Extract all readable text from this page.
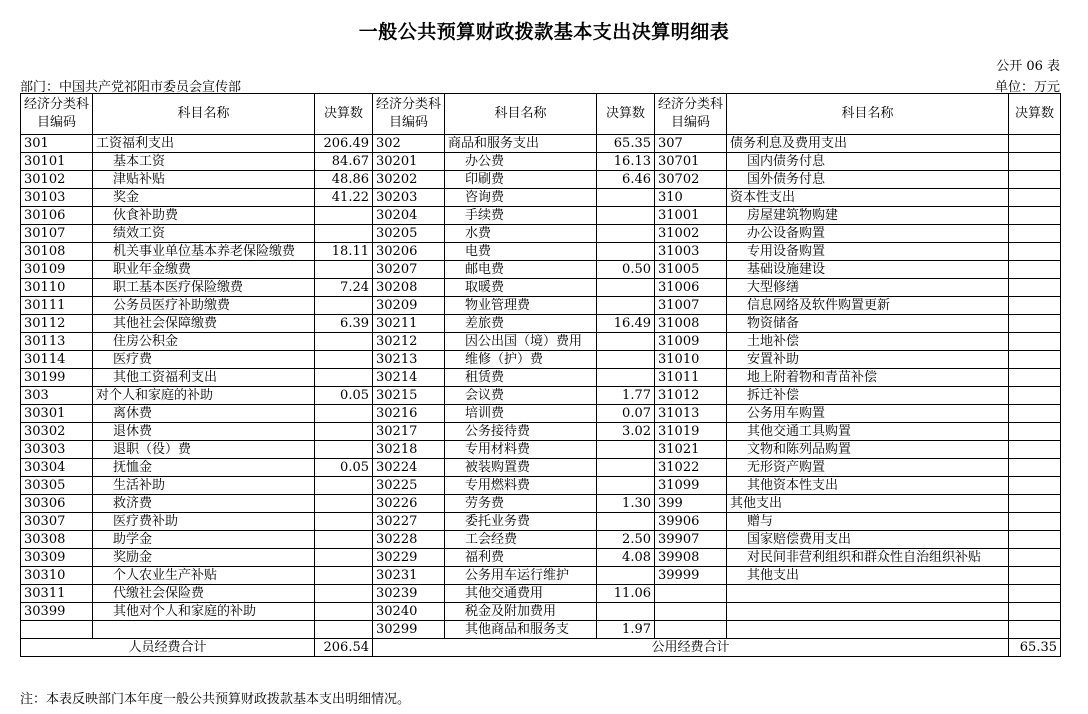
一般公共预算财政拨款基本支出决算明细表
公开 06 表
部门：中国共产党祁阳市委员会宣传部	单位：万元
经济分类科目编码	科目名称	决算数	经济分类科目编码	科目名称	决算数	经济分类科目编码	科目名称	决算数
301	工资福利支出	206.49	302	商品和服务支出	65.35	307	债务利息及费用支出	
30101	基本工资	84.67	30201	办公费	16.13	30701	国内债务付息	
30102	津贴补贴	48.86	30202	印刷费	6.46	30702	国外债务付息	
30103	奖金	41.22	30203	咨询费		310	资本性支出	
30106	伙食补助费		30204	手续费		31001	房屋建筑物购建	
30107	绩效工资		30205	水费		31002	办公设备购置	
30108	机关事业单位基本养老保险缴费	18.11	30206	电费		31003	专用设备购置	
30109	职业年金缴费		30207	邮电费	0.50	31005	基础设施建设	
30110	职工基本医疗保险缴费	7.24	30208	取暖费		31006	大型修缮	
30111	公务员医疗补助缴费		30209	物业管理费		31007	信息网络及软件购置更新	
30112	其他社会保障缴费	6.39	30211	差旅费	16.49	31008	物资储备	
30113	住房公积金		30212	因公出国（境）费用		31009	土地补偿	
30114	医疗费		30213	维修（护）费		31010	安置补助	
30199	其他工资福利支出		30214	租赁费		31011	地上附着物和青苗补偿	
303	对个人和家庭的补助	0.05	30215	会议费	1.77	31012	拆迁补偿	
30301	离休费		30216	培训费	0.07	31013	公务用车购置	
30302	退休费		30217	公务接待费	3.02	31019	其他交通工具购置	
30303	退职（役）费		30218	专用材料费		31021	文物和陈列品购置	
30304	抚恤金	0.05	30224	被装购置费		31022	无形资产购置	
30305	生活补助		30225	专用燃料费		31099	其他资本性支出	
30306	救济费		30226	劳务费	1.30	399	其他支出	
30307	医疗费补助		30227	委托业务费		39906	赠与	
30308	助学金		30228	工会经费	2.50	39907	国家赔偿费用支出	
30309	奖励金		30229	福利费	4.08	39908	对民间非营利组织和群众性自治组织补贴	
30310	个人农业生产补贴		30231	公务用车运行维护		39999	其他支出	
30311	代缴社会保险费		30239	其他交通费用	11.06			
30399	其他对个人和家庭的补助		30240	税金及附加费用				
			30299	其他商品和服务支	1.97			
人员经费合计		206.54	公用经费合计					65.35
注：本表反映部门本年度一般公共预算财政拨款基本支出明细情况。
